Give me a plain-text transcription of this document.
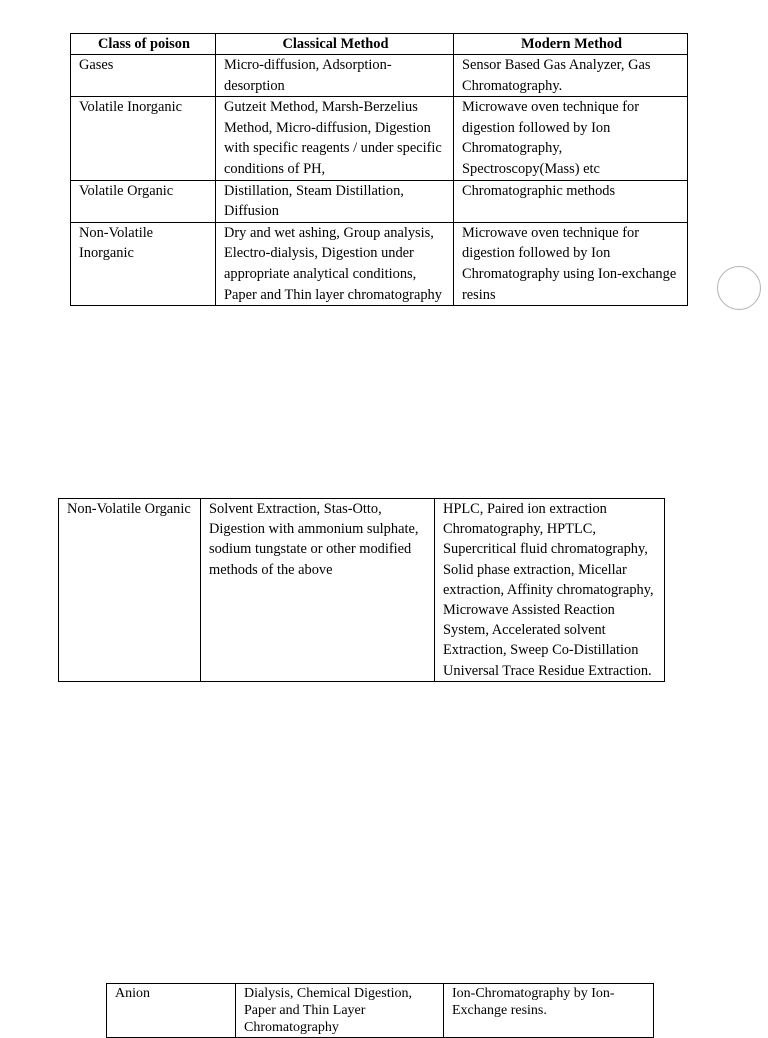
Class of poison	Classical Method	Modern Method
Gases	Micro-diffusion, Adsorption-desorption	Sensor Based Gas Analyzer, Gas Chromatography.
Volatile Inorganic	Gutzeit Method, Marsh-Berzelius Method, Micro-diffusion, Digestion with specific reagents / under specific conditions of PH,	Microwave oven technique for digestion followed by Ion Chromatography, Spectroscopy(Mass) etc
Volatile Organic	Distillation, Steam Distillation, Diffusion	Chromatographic methods
Non-Volatile Inorganic	Dry and wet ashing, Group analysis, Electro-dialysis, Digestion under appropriate analytical conditions, Paper and Thin layer chromatography	Microwave oven technique for digestion followed by Ion Chromatography using Ion-exchange resins
Non-Volatile Organic	Solvent Extraction, Stas-Otto, Digestion with ammonium sulphate, sodium tungstate or other modified methods of the above	HPLC, Paired ion extraction Chromatography, HPTLC, Supercritical fluid chromatography, Solid phase extraction, Micellar extraction, Affinity chromatography, Microwave Assisted Reaction System, Accelerated solvent Extraction, Sweep Co-Distillation Universal Trace Residue Extraction.
Anion	Dialysis, Chemical Digestion, Paper and Thin Layer Chromatography	Ion-Chromatography by Ion-Exchange resins.
